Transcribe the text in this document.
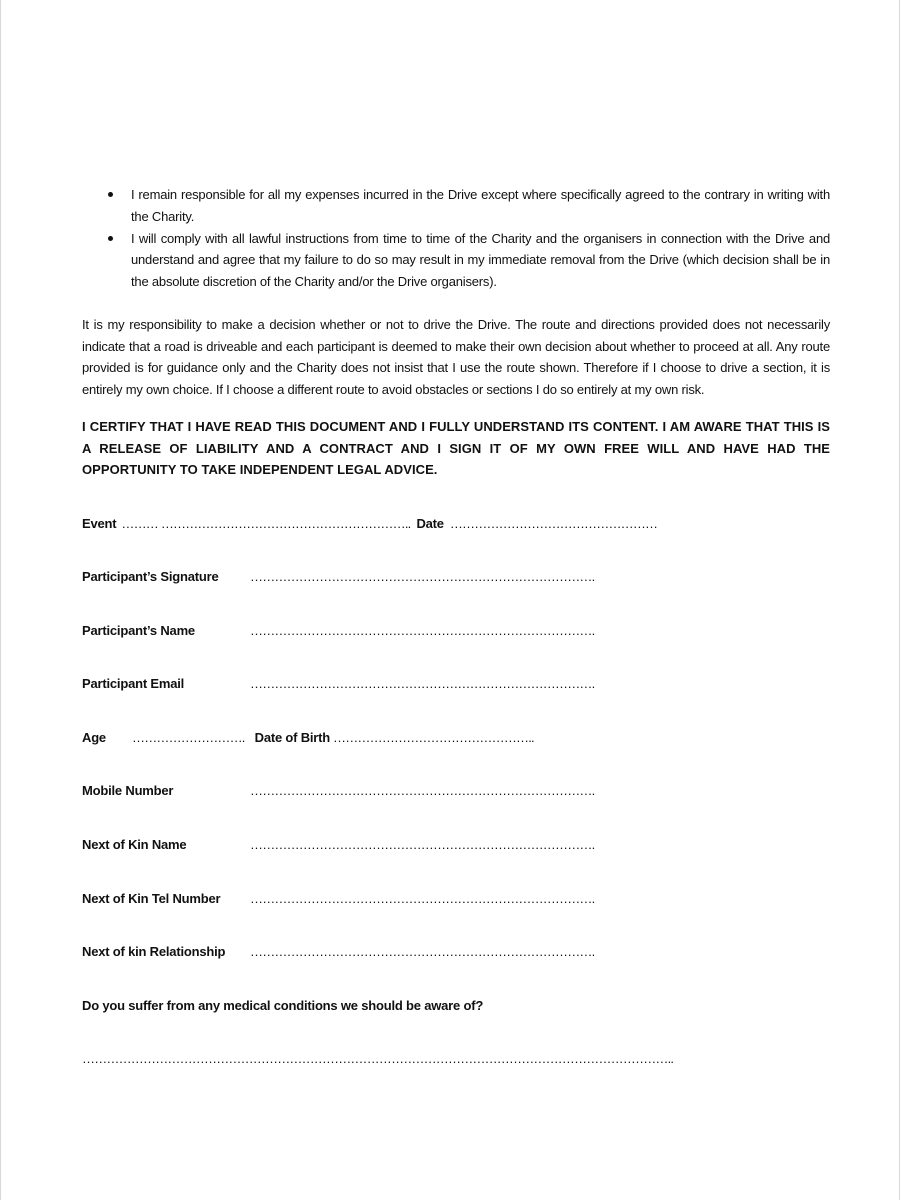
I remain responsible for all my expenses incurred in the Drive except where specifically agreed to the contrary in writing with the Charity.
I will comply with all lawful instructions from time to time of the Charity and the organisers in connection with the Drive and understand and agree that my failure to do so may result in my immediate removal from the Drive (which decision shall be in the absolute discretion of the Charity and/or the Drive organisers).

It is my responsibility to make a decision whether or not to drive the Drive. The route and directions provided does not necessarily indicate that a road is driveable and each participant is deemed to make their own decision about whether to proceed at all. Any route provided is for guidance only and the Charity does not insist that I use the route shown. Therefore if I choose to drive a section, it is entirely my own choice. If I choose a different route to avoid obstacles or sections I do so entirely at my own risk.

I CERTIFY THAT I HAVE READ THIS DOCUMENT AND I FULLY UNDERSTAND ITS CONTENT. I AM AWARE THAT THIS IS A RELEASE OF LIABILITY AND A CONTRACT AND I SIGN IT OF MY OWN FREE WILL AND HAVE HAD THE OPPORTUNITY TO TAKE INDEPENDENT LEGAL ADVICE.

Event ……… …………………………………………………….. Date ……………………………………………
Participant’s Signature	………………………………………………………………………….
Participant’s Name	………………………………………………………………………….
Participant Email	………………………………………………………………………….
Age	………………………. Date of Birth …………………………………………..
Mobile Number	………………………………………………………………………….
Next of Kin Name	………………………………………………………………………….
Next of Kin Tel Number	………………………………………………………………………….
Next of kin Relationship	………………………………………………………………………….
Do you suffer from any medical conditions we should be aware of?
………………………………………………………………………………………………………………………………..
